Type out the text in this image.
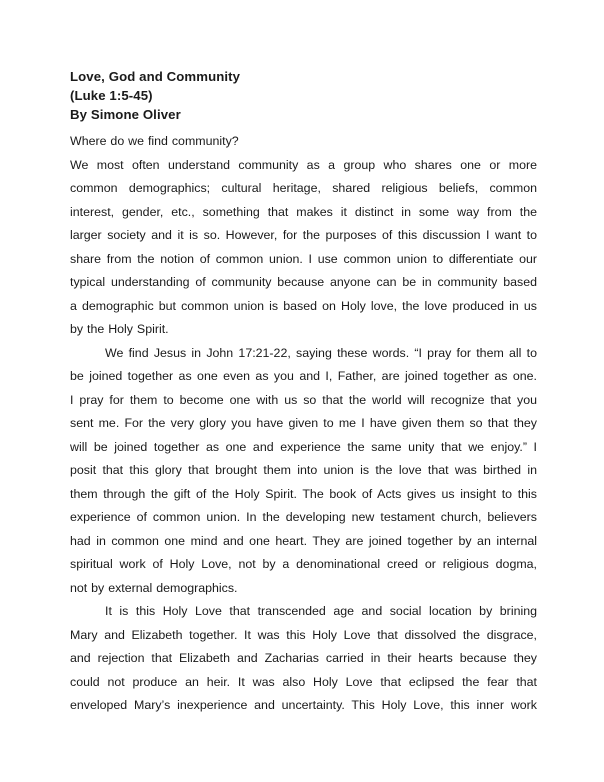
Love, God and Community
(Luke 1:5-45)
By Simone Oliver
Where do we find community?
We most often understand community as a group who shares one or more
common demographics; cultural heritage, shared religious beliefs, common
interest, gender, etc., something that makes it distinct in some way from the
larger society and it is so. However, for the purposes of this discussion I want to
share from the notion of common union. I use common union to differentiate our
typical understanding of community because anyone can be in community based
a demographic but common union is based on Holy love, the love produced in us
by the Holy Spirit.
We find Jesus in John 17:21-22, saying these words. “I pray for them all to
be joined together as one even as you and I, Father, are joined together as one.
I pray for them to become one with us so that the world will recognize that you
sent me. For the very glory you have given to me I have given them so that they
will be joined together as one and experience the same unity that we enjoy.” I
posit that this glory that brought them into union is the love that was birthed in
them through the gift of the Holy Spirit. The book of Acts gives us insight to this
experience of common union. In the developing new testament church, believers
had in common one mind and one heart. They are joined together by an internal
spiritual work of Holy Love, not by a denominational creed or religious dogma,
not by external demographics.
It is this Holy Love that transcended age and social location by brining
Mary and Elizabeth together. It was this Holy Love that dissolved the disgrace,
and rejection that Elizabeth and Zacharias carried in their hearts because they
could not produce an heir. It was also Holy Love that eclipsed the fear that
enveloped Mary’s inexperience and uncertainty. This Holy Love, this inner work
